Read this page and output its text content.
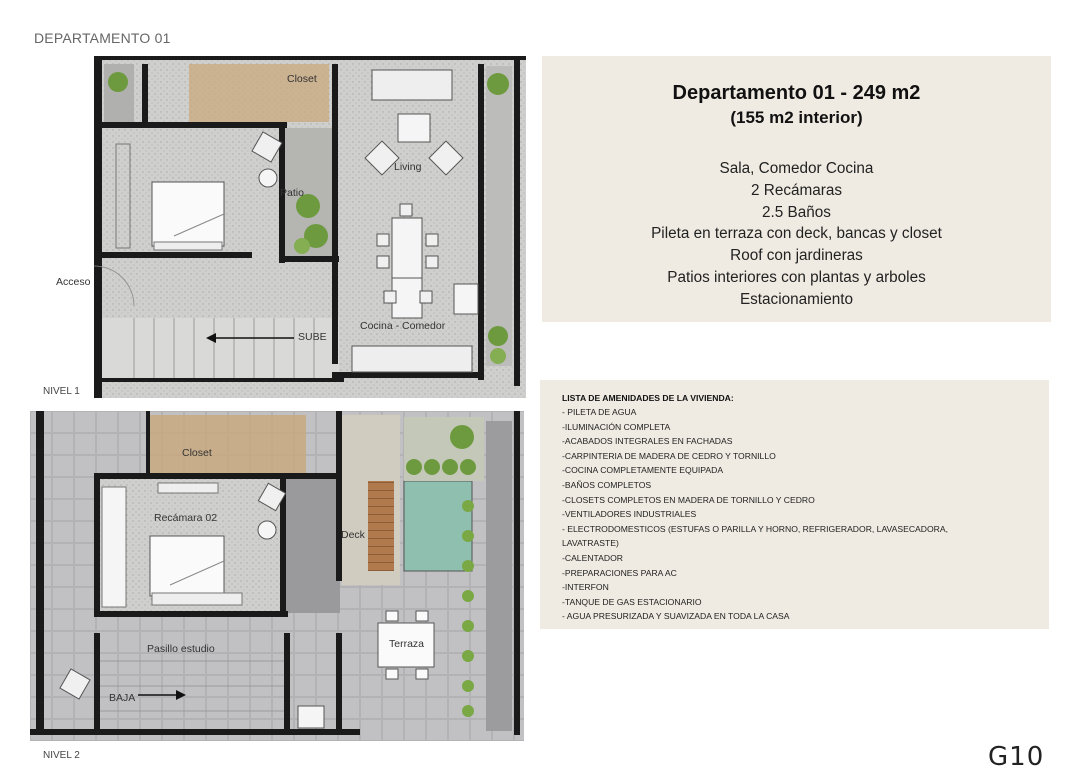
DEPARTAMENTO 01
Closet
Living
Patio
SUBE
Cocina - Comedor
Acceso
NIVEL 1
Closet
Recámara 02
Deck
Pasillo estudio	Terraza
BAJA
NIVEL 2
Departamento 01 - 249 m2
(155 m2 interior)
Sala, Comedor Cocina
2 Recámaras
2.5 Baños
Pileta en terraza con deck, bancas y closet
Roof con jardineras
Patios interiores con plantas y arboles
Estacionamiento
LISTA DE AMENIDADES DE LA VIVIENDA:
- PILETA DE AGUA
-ILUMINACIÓN COMPLETA
-ACABADOS INTEGRALES EN FACHADAS
-CARPINTERIA DE MADERA DE CEDRO Y TORNILLO
-COCINA COMPLETAMENTE EQUIPADA
-BAÑOS COMPLETOS
-CLOSETS COMPLETOS EN MADERA DE TORNILLO Y CEDRO
-VENTILADORES INDUSTRIALES
- ELECTRODOMESTICOS (ESTUFAS O PARILLA Y HORNO, REFRIGERADOR, LAVASECADORA,
LAVATRASTE)
-CALENTADOR
-PREPARACIONES PARA AC
-INTERFON
-TANQUE DE GAS ESTACIONARIO
- AGUA PRESURIZADA Y SUAVIZADA EN TODA LA CASA
G10
